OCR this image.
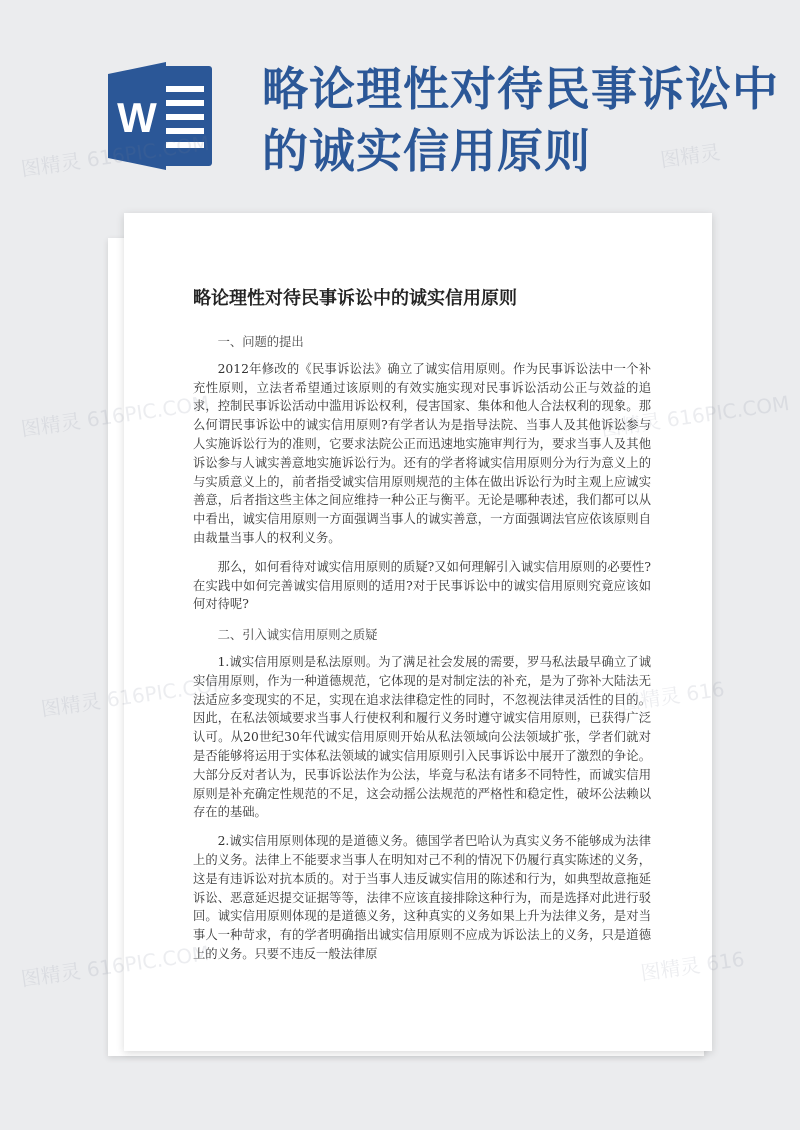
W
略论理性对待民事诉讼中的诚实信用原则
略论理性对待民事诉讼中的诚实信用原则

一、问题的提出

2012年修改的《民事诉讼法》确立了诚实信用原则。作为民事诉讼法中一个补充性原则，立法者希望通过该原则的有效实施实现对民事诉讼活动公正与效益的追求，控制民事诉讼活动中滥用诉讼权利，侵害国家、集体和他人合法权利的现象。那么何谓民事诉讼中的诚实信用原则?有学者认为是指导法院、当事人及其他诉讼参与人实施诉讼行为的准则，它要求法院公正而迅速地实施审判行为，要求当事人及其他诉讼参与人诚实善意地实施诉讼行为。还有的学者将诚实信用原则分为行为意义上的与实质意义上的，前者指受诚实信用原则规范的主体在做出诉讼行为时主观上应诚实善意，后者指这些主体之间应维持一种公正与衡平。无论是哪种表述，我们都可以从中看出，诚实信用原则一方面强调当事人的诚实善意，一方面强调法官应依该原则自由裁量当事人的权利义务。

那么，如何看待对诚实信用原则的质疑?又如何理解引入诚实信用原则的必要性?在实践中如何完善诚实信用原则的适用?对于民事诉讼中的诚实信用原则究竟应该如何对待呢?

二、引入诚实信用原则之质疑

1.诚实信用原则是私法原则。为了满足社会发展的需要，罗马私法最早确立了诚实信用原则，作为一种道德规范，它体现的是对制定法的补充，是为了弥补大陆法无法适应多变现实的不足，实现在追求法律稳定性的同时，不忽视法律灵活性的目的。因此，在私法领域要求当事人行使权利和履行义务时遵守诚实信用原则，已获得广泛认可。从20世纪30年代诚实信用原则开始从私法领域向公法领域扩张，学者们就对是否能够将运用于实体私法领域的诚实信用原则引入民事诉讼中展开了激烈的争论。大部分反对者认为，民事诉讼法作为公法，毕竟与私法有诸多不同特性，而诚实信用原则是补充确定性规范的不足，这会动摇公法规范的严格性和稳定性，破坏公法赖以存在的基础。

2.诚实信用原则体现的是道德义务。德国学者巴哈认为真实义务不能够成为法律上的义务。法律上不能要求当事人在明知对己不利的情况下仍履行真实陈述的义务，这是有违诉讼对抗本质的。对于当事人违反诚实信用的陈述和行为，如典型故意拖延诉讼、恶意延迟提交证据等等，法律不应该直接排除这种行为，而是选择对此进行驳回。诚实信用原则体现的是道德义务，这种真实的义务如果上升为法律义务，是对当事人一种苛求，有的学者明确指出诚实信用原则不应成为诉讼法上的义务，只是道德上的义务。只要不违反一般法律原

图精灵	图精灵
图精灵	616PIC.COM
图精灵
图精灵	616
